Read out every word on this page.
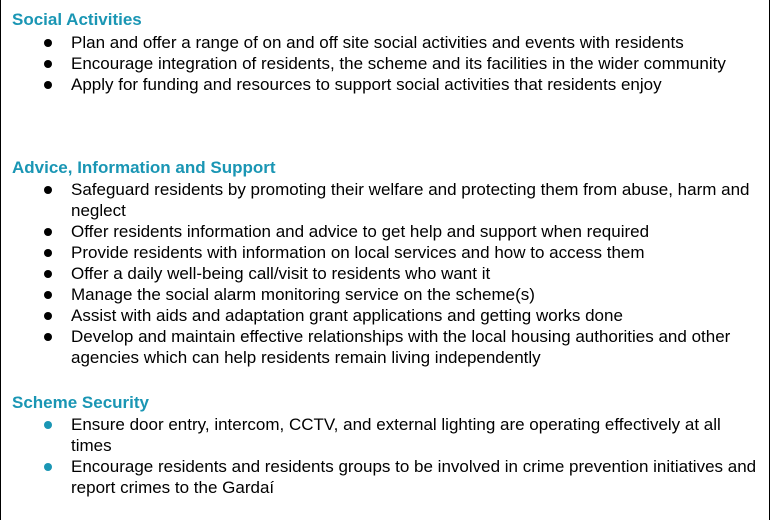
Social Activities
Plan and offer a range of on and off site social activities and events with residents
Encourage integration of residents, the scheme and its facilities in the wider community
Apply for funding and resources to support social activities that residents enjoy
Advice, Information and Support
Safeguard residents by promoting their welfare and protecting them from abuse, harm and neglect
Offer residents information and advice to get help and support when required
Provide residents with information on local services and how to access them
Offer a daily well-being call/visit to residents who want it
Manage the social alarm monitoring service on the scheme(s)
Assist with aids and adaptation grant applications and getting works done
Develop and maintain effective relationships with the local housing authorities and other agencies which can help residents remain living independently
Scheme Security
Ensure door entry, intercom, CCTV, and external lighting are operating effectively at all times
Encourage residents and residents groups to be involved in crime prevention initiatives and report crimes to the Gardaí
